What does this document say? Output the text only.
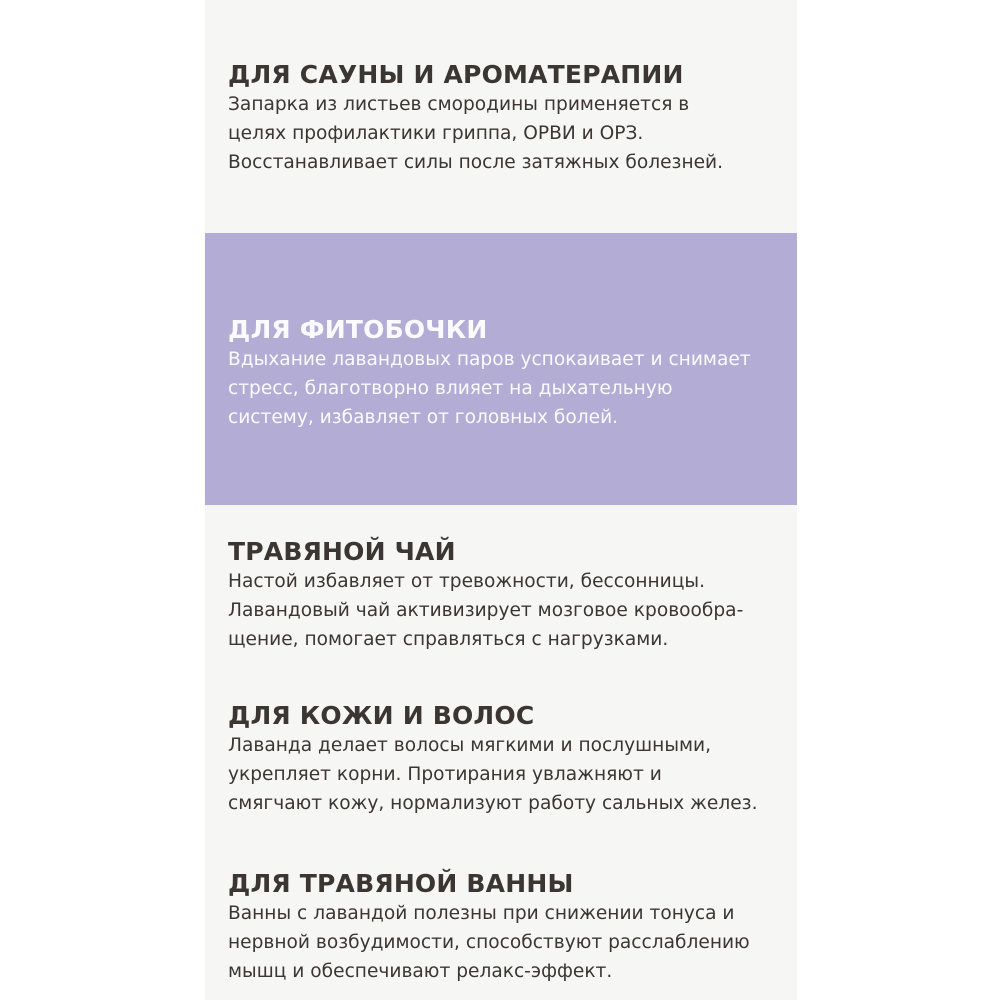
ДЛЯ САУНЫ И АРОМАТЕРАПИИ

Запарка из листьев смородины применяется в
целях профилактики гриппа, ОРВИ и ОРЗ.
Восстанавливает силы после затяжных болезней.

ДЛЯ ФИТОБОЧКИ

Вдыхание лавандовых паров успокаивает и снимает
стресс, благотворно влияет на дыхательную
систему, избавляет от головных болей.

ТРАВЯНОЙ ЧАЙ

Настой избавляет от тревожности, бессонницы.
Лавандовый чай активизирует мозговое кровообра-
щение, помогает справляться с нагрузками.

ДЛЯ КОЖИ И ВОЛОС

Лаванда делает волосы мягкими и послушными,
укрепляет корни. Протирания увлажняют и
смягчают кожу, нормализуют работу сальных желез.

ДЛЯ ТРАВЯНОЙ ВАННЫ

Ванны с лавандой полезны при снижении тонуса и
нервной возбудимости, способствуют расслаблению
мышц и обеспечивают релакс-эффект.
